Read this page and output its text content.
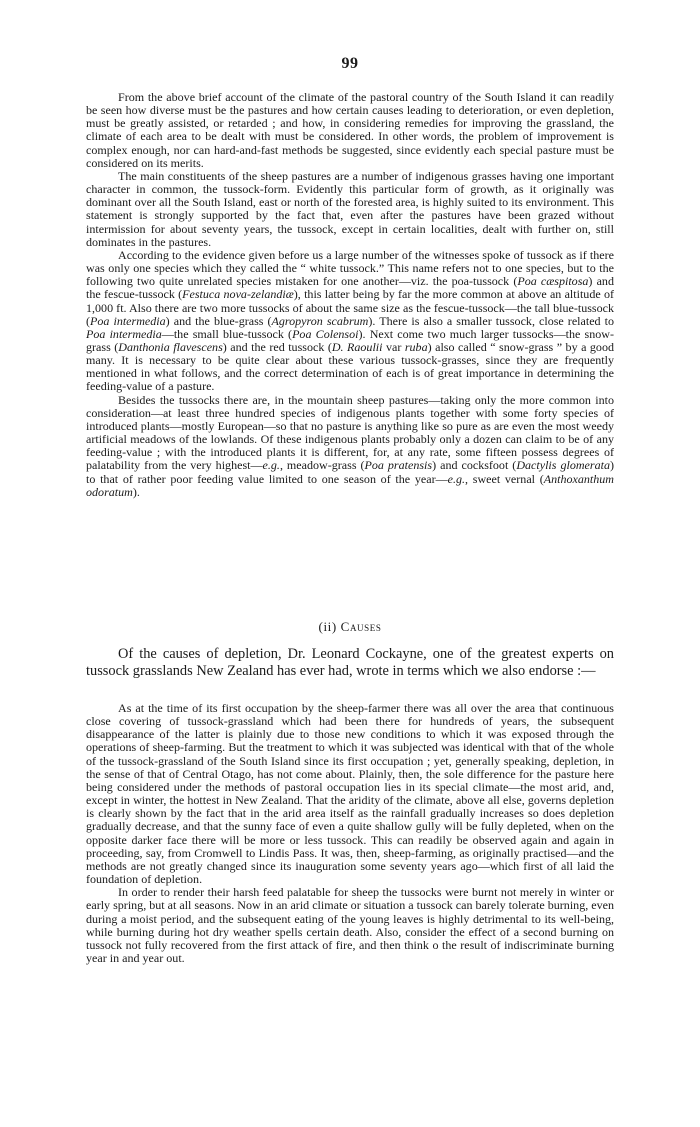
99

From the above brief account of the climate of the pastoral country of the South Island it can readily be seen how diverse must be the pastures and how certain causes leading to deterioration, or even depletion, must be greatly assisted, or retarded ; and how, in considering remedies for improving the grassland, the climate of each area to be dealt with must be considered. In other words, the problem of improvement is complex enough, nor can hard-and-fast methods be suggested, since evidently each special pasture must be considered on its merits.

The main constituents of the sheep pastures are a number of indigenous grasses having one important character in common, the tussock-form. Evidently this particular form of growth, as it originally was dominant over all the South Island, east or north of the forested area, is highly suited to its environment. This statement is strongly supported by the fact that, even after the pastures have been grazed without intermission for about seventy years, the tussock, except in certain localities, dealt with further on, still dominates in the pastures.

According to the evidence given before us a large number of the witnesses spoke of tussock as if there was only one species which they called the “ white tussock.” This name refers not to one species, but to the following two quite unrelated species mistaken for one another—viz. the poa-tussock (Poa cæspitosa) and the fescue-tussock (Festuca nova-zelandiæ), this latter being by far the more common at above an altitude of 1,000 ft. Also there are two more tussocks of about the same size as the fescue-tussock—the tall blue-tussock (Poa intermedia) and the blue-grass (Agropyron scabrum). There is also a smaller tussock, close related to Poa intermedia—the small blue-tussock (Poa Colensoi). Next come two much larger tussocks—the snow-grass (Danthonia flavescens) and the red tussock (D. Raoulii var ruba) also called “ snow-grass ” by a good many. It is necessary to be quite clear about these various tussock-grasses, since they are frequently mentioned in what follows, and the correct determination of each is of great importance in determining the feeding-value of a pasture.

Besides the tussocks there are, in the mountain sheep pastures—taking only the more common into consideration—at least three hundred species of indigenous plants together with some forty species of introduced plants—mostly European—so that no pasture is anything like so pure as are even the most weedy artificial meadows of the lowlands. Of these indigenous plants probably only a dozen can claim to be of any feeding-value ; with the introduced plants it is different, for, at any rate, some fifteen possess degrees of palatability from the very highest—e.g., meadow-grass (Poa pratensis) and cocksfoot (Dactylis glomerata) to that of rather poor feeding value limited to one season of the year—e.g., sweet vernal (Anthoxanthum odoratum).

(ii) Causes

Of the causes of depletion, Dr. Leonard Cockayne, one of the greatest experts on tussock grasslands New Zealand has ever had, wrote in terms which we also endorse :—

As at the time of its first occupation by the sheep-farmer there was all over the area that continuous close covering of tussock-grassland which had been there for hundreds of years, the subsequent disappearance of the latter is plainly due to those new conditions to which it was exposed through the operations of sheep-farming. But the treatment to which it was subjected was identical with that of the whole of the tussock-grassland of the South Island since its first occupation ; yet, generally speaking, depletion, in the sense of that of Central Otago, has not come about. Plainly, then, the sole difference for the pasture here being considered under the methods of pastoral occupation lies in its special climate—the most arid, and, except in winter, the hottest in New Zealand. That the aridity of the climate, above all else, governs depletion is clearly shown by the fact that in the arid area itself as the rainfall gradually increases so does depletion gradually decrease, and that the sunny face of even a quite shallow gully will be fully depleted, when on the opposite darker face there will be more or less tussock. This can readily be observed again and again in proceeding, say, from Cromwell to Lindis Pass. It was, then, sheep-farming, as originally practised—and the methods are not greatly changed since its inauguration some seventy years ago—which first of all laid the foundation of depletion.

In order to render their harsh feed palatable for sheep the tussocks were burnt not merely in winter or early spring, but at all seasons. Now in an arid climate or situation a tussock can barely tolerate burning, even during a moist period, and the subsequent eating of the young leaves is highly detrimental to its well-being, while burning during hot dry weather spells certain death. Also, consider the effect of a second burning on tussock not fully recovered from the first attack of fire, and then think o the result of indiscriminate burning year in and year out.
